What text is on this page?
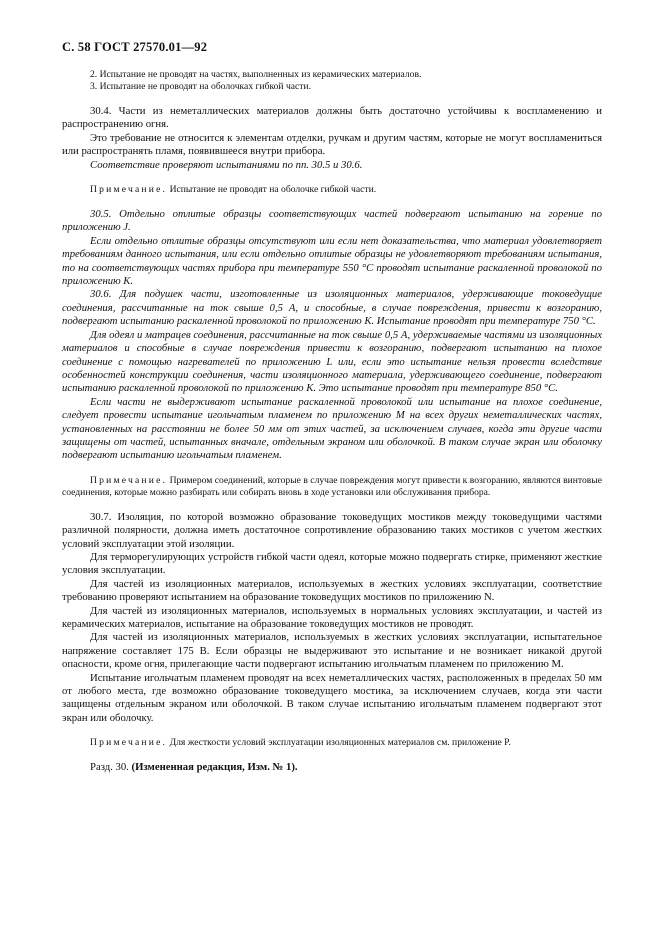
С. 58 ГОСТ 27570.01—92

2. Испытание не проводят на частях, выполненных из керамических материалов.

3. Испытание не проводят на оболочках гибкой части.

30.4. Части из неметаллических материалов должны быть достаточно устойчивы к воспламенению и распространению огня.

Это требование не относится к элементам отделки, ручкам и другим частям, которые не могут воспламениться или распространять пламя, появившееся внутри прибора.

Соответствие проверяют испытаниями по пп. 30.5 и 30.6.

Примечание. Испытание не проводят на оболочке гибкой части.

30.5. Отдельно отлитые образцы соответствующих частей подвергают испытанию на горение по приложению J.

Если отдельно отлитые образцы отсутствуют или если нет доказательства, что материал удовлетворяет требованиям данного испытания, или если отдельно отлитые образцы не удовлетворяют требованиям испытания, то на соответствующих частях прибора при температуре 550 °С проводят испытание раскаленной проволокой по приложению K.

30.6. Для подушек части, изготовленные из изоляционных материалов, удерживающие токоведущие соединения, рассчитанные на ток свыше 0,5 А, и способные, в случае повреждения, привести к возгоранию, подвергают испытанию раскаленной проволокой по приложению K. Испытание проводят при температуре 750 °С.

Для одеял и матрацев соединения, рассчитанные на ток свыше 0,5 А, удерживаемые частями из изоляционных материалов и способные в случае повреждения привести к возгоранию, подвергают испытанию на плохое соединение с помощью нагревателей по приложению L или, если это испытание нельзя провести вследствие особенностей конструкции соединения, части изоляционного материала, удерживающего соединение, подвергают испытанию раскаленной проволокой по приложению K. Это испытание проводят при температуре 850 °С.

Если части не выдерживают испытание раскаленной проволокой или испытание на плохое соединение, следует провести испытание игольчатым пламенем по приложению M на всех других неметаллических частях, установленных на расстоянии не более 50 мм от этих частей, за исключением случаев, когда эти другие части защищены от частей, испытанных вначале, отдельным экраном или оболочкой. В таком случае экран или оболочку подвергают испытанию игольчатым пламенем.

Примечание. Примером соединений, которые в случае повреждения могут привести к возгоранию, являются винтовые соединения, которые можно разбирать или собирать вновь в ходе установки или обслуживания прибора.

30.7. Изоляция, по которой возможно образование токоведущих мостиков между токоведущими частями различной полярности, должна иметь достаточное сопротивление образованию таких мостиков с учетом жестких условий эксплуатации этой изоляции.

Для терморегулирующих устройств гибкой части одеял, которые можно подвергать стирке, применяют жесткие условия эксплуатации.

Для частей из изоляционных материалов, используемых в жестких условиях эксплуатации, соответствие требованию проверяют испытанием на образование токоведущих мостиков по приложению N.

Для частей из изоляционных материалов, используемых в нормальных условиях эксплуатации, и частей из керамических материалов, испытание на образование токоведущих мостиков не проводят.

Для частей из изоляционных материалов, используемых в жестких условиях эксплуатации, испытательное напряжение составляет 175 В. Если образцы не выдерживают это испытание и не возникает никакой другой опасности, кроме огня, прилегающие части подвергают испытанию игольчатым пламенем по приложению M.

Испытание игольчатым пламенем проводят на всех неметаллических частях, расположенных в пределах 50 мм от любого места, где возможно образование токоведущего мостика, за исключением случаев, когда эти части защищены отдельным экраном или оболочкой. В таком случае испытанию игольчатым пламенем подвергают этот экран или оболочку.

Примечание. Для жесткости условий эксплуатации изоляционных материалов см. приложение P.

Разд. 30. (Измененная редакция, Изм. № 1).
